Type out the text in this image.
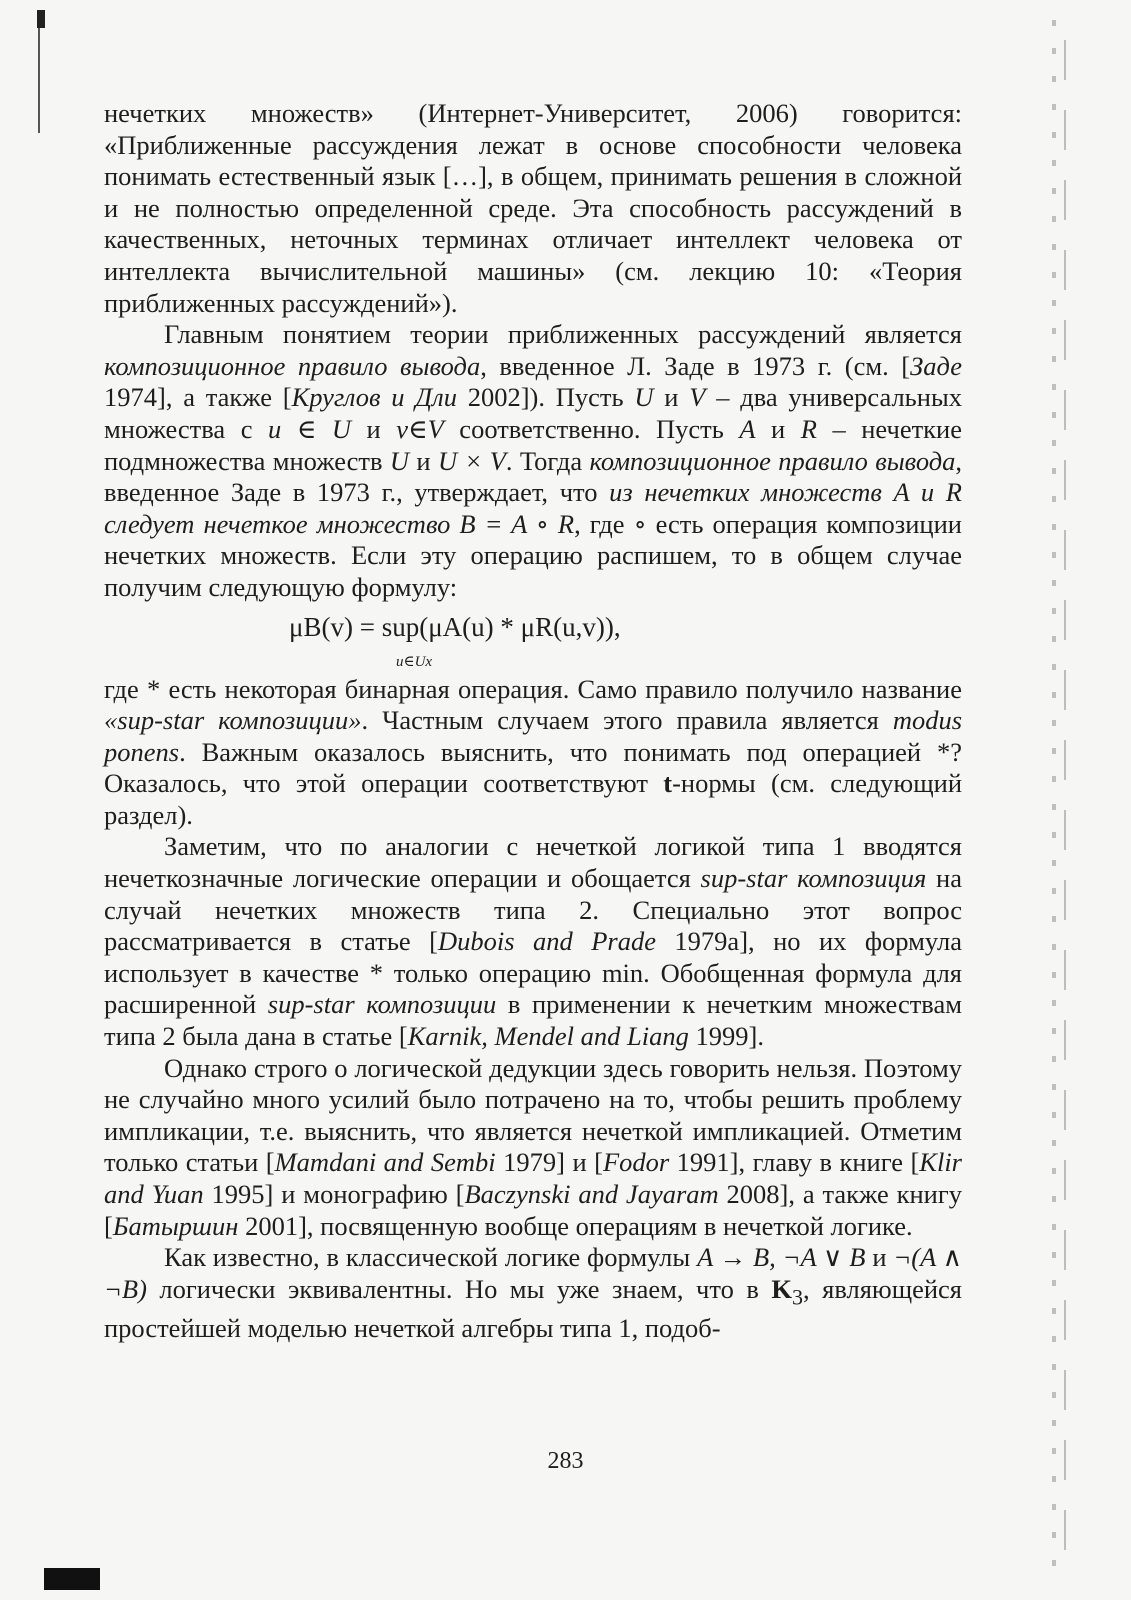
нечетких множеств» (Интернет-Университет, 2006) говорится: «Приближенные рассуждения лежат в основе способности человека понимать естественный язык […], в общем, принимать решения в сложной и не полностью определенной среде. Эта способность рассуждений в качественных, неточных терминах отличает интеллект человека от интеллекта вычислительной машины» (см. лекцию 10: «Теория приближенных рассуждений»).

Главным понятием теории приближенных рассуждений является композиционное правило вывода, введенное Л. Заде в 1973 г. (см. [Заде 1974], а также [Круглов и Дли 2002]). Пусть U и V – два универсальных множества с u ∈ U и v∈V соответственно. Пусть A и R – нечеткие подмножества множеств U и U × V. Тогда композиционное правило вывода, введенное Заде в 1973 г., утверждает, что из нечетких множеств A и R следует нечеткое множество B = A ∘ R, где ∘ есть операция композиции нечетких множеств. Если эту операцию распишем, то в общем случае получим следующую формулу:

μB(v) = sup(μA(u) * μR(u,v)),
u∈Ux

где * есть некоторая бинарная операция. Само правило получило название «sup-star композиции». Частным случаем этого правила является modus ponens. Важным оказалось выяснить, что понимать под операцией *? Оказалось, что этой операции соответствуют t-нормы (см. следующий раздел).

Заметим, что по аналогии с нечеткой логикой типа 1 вводятся нечеткозначные логические операции и обощается sup-star композиция на случай нечетких множеств типа 2. Специально этот вопрос рассматривается в статье [Dubois and Prade 1979a], но их формула использует в качестве * только операцию min. Обобщенная формула для расширенной sup-star композиции в применении к нечетким множествам типа 2 была дана в статье [Karnik, Mendel and Liang 1999].

Однако строго о логической дедукции здесь говорить нельзя. Поэтому не случайно много усилий было потрачено на то, чтобы решить проблему импликации, т.е. выяснить, что является нечеткой импликацией. Отметим только статьи [Mamdani and Sembi 1979] и [Fodor 1991], главу в книге [Klir and Yuan 1995] и монографию [Baczynski and Jayaram 2008], а также книгу [Батыршин 2001], посвященную вообще операциям в нечеткой логике.

Как известно, в классической логике формулы A → B, ¬A ∨ B и ¬(A ∧ ¬B) логически эквивалентны. Но мы уже знаем, что в $K_3$, являющейся простейшей моделью нечеткой алгебры типа 1, подоб-

283
